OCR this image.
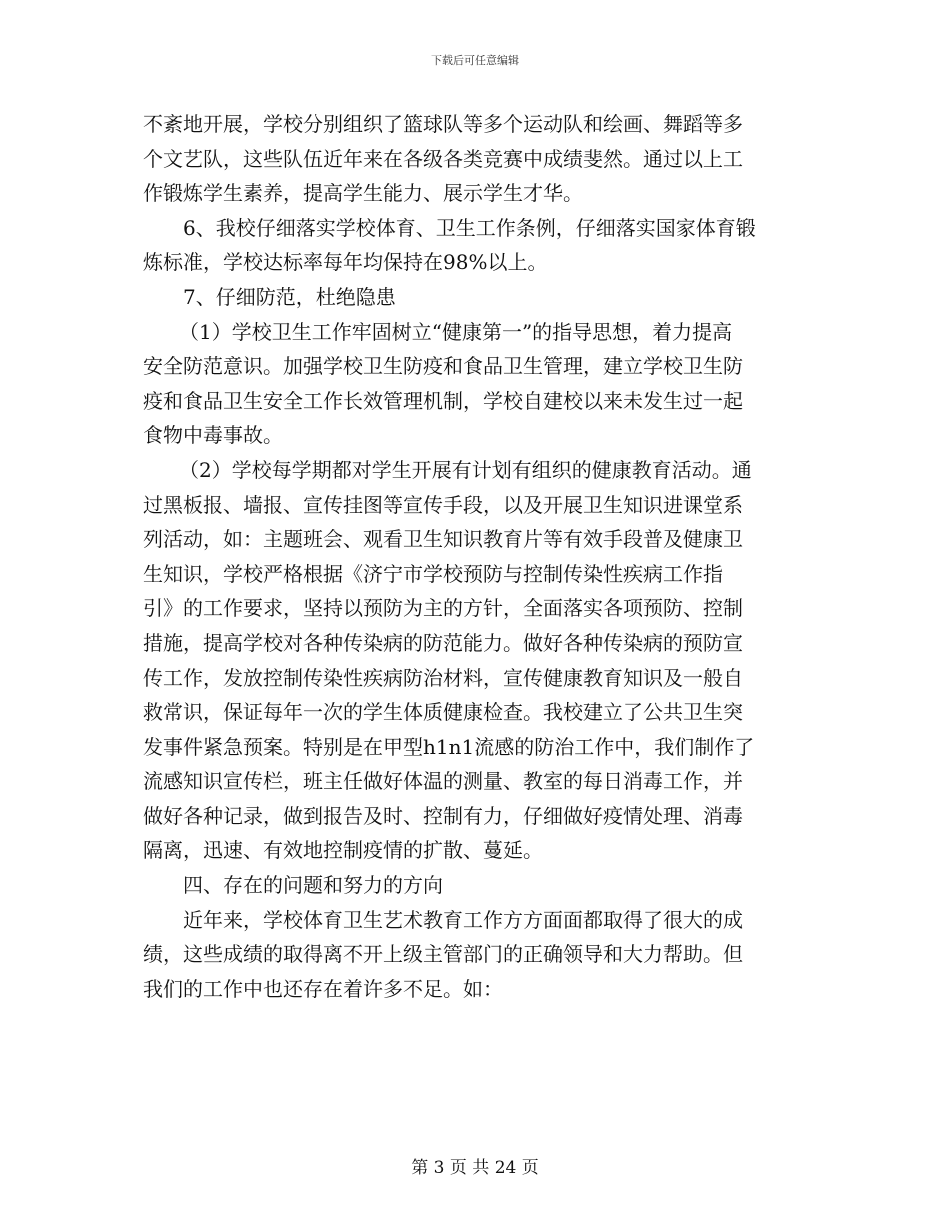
下载后可任意编辑
不紊地开展，学校分别组织了篮球队等多个运动队和绘画、舞蹈等多
个文艺队，这些队伍近年来在各级各类竞赛中成绩斐然。通过以上工
作锻炼学生素养，提高学生能力、展示学生才华。
6、我校仔细落实学校体育、卫生工作条例，仔细落实国家体育锻
炼标准，学校达标率每年均保持在98%以上。
7、仔细防范，杜绝隐患
（1）学校卫生工作牢固树立“健康第一”的指导思想，着力提高
安全防范意识。加强学校卫生防疫和食品卫生管理，建立学校卫生防
疫和食品卫生安全工作长效管理机制，学校自建校以来未发生过一起
食物中毒事故。
（2）学校每学期都对学生开展有计划有组织的健康教育活动。通
过黑板报、墙报、宣传挂图等宣传手段，以及开展卫生知识进课堂系
列活动，如：主题班会、观看卫生知识教育片等有效手段普及健康卫
生知识，学校严格根据《济宁市学校预防与控制传染性疾病工作指
引》的工作要求，坚持以预防为主的方针，全面落实各项预防、控制
措施，提高学校对各种传染病的防范能力。做好各种传染病的预防宣
传工作，发放控制传染性疾病防治材料，宣传健康教育知识及一般自
救常识，保证每年一次的学生体质健康检查。我校建立了公共卫生突
发事件紧急预案。特别是在甲型h1n1流感的防治工作中，我们制作了
流感知识宣传栏，班主任做好体温的测量、教室的每日消毒工作，并
做好各种记录，做到报告及时、控制有力，仔细做好疫情处理、消毒
隔离，迅速、有效地控制疫情的扩散、蔓延。
四、存在的问题和努力的方向
近年来，学校体育卫生艺术教育工作方方面面都取得了很大的成
绩，这些成绩的取得离不开上级主管部门的正确领导和大力帮助。但
我们的工作中也还存在着许多不足。如：
第 3 页 共 24 页
